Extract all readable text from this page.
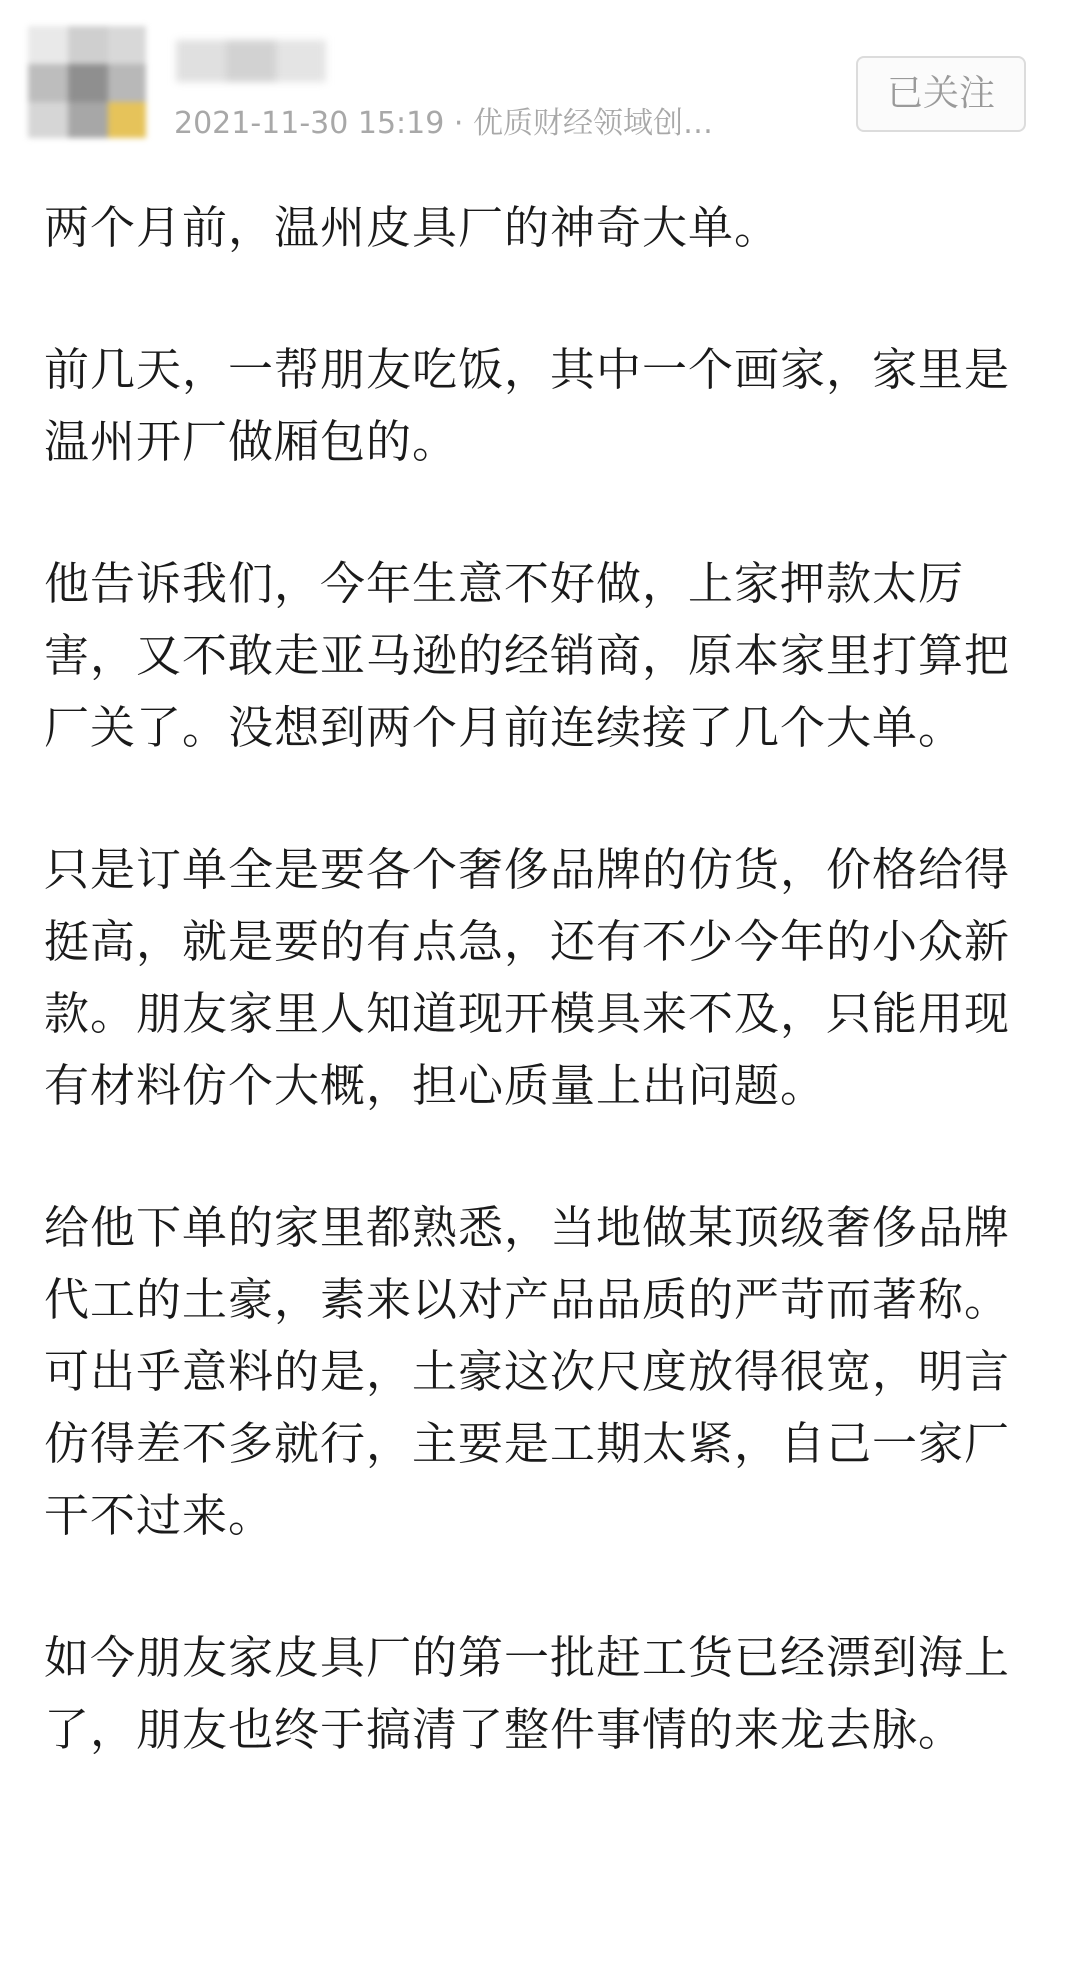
2021-11-30 15:19 · 优质财经领域创…
已关注

两个月前，温州皮具厂的神奇大单。

前几天，一帮朋友吃饭，其中一个画家，家里是温州开厂做厢包的。

他告诉我们，今年生意不好做，上家押款太厉害，又不敢走亚马逊的经销商，原本家里打算把厂关了。没想到两个月前连续接了几个大单。

只是订单全是要各个奢侈品牌的仿货，价格给得挺高，就是要的有点急，还有不少今年的小众新款。朋友家里人知道现开模具来不及，只能用现有材料仿个大概，担心质量上出问题。

给他下单的家里都熟悉，当地做某顶级奢侈品牌代工的土豪，素来以对产品品质的严苛而著称。可出乎意料的是，土豪这次尺度放得很宽，明言仿得差不多就行，主要是工期太紧，自己一家厂干不过来。

如今朋友家皮具厂的第一批赶工货已经漂到海上了，朋友也终于搞清了整件事情的来龙去脉。
